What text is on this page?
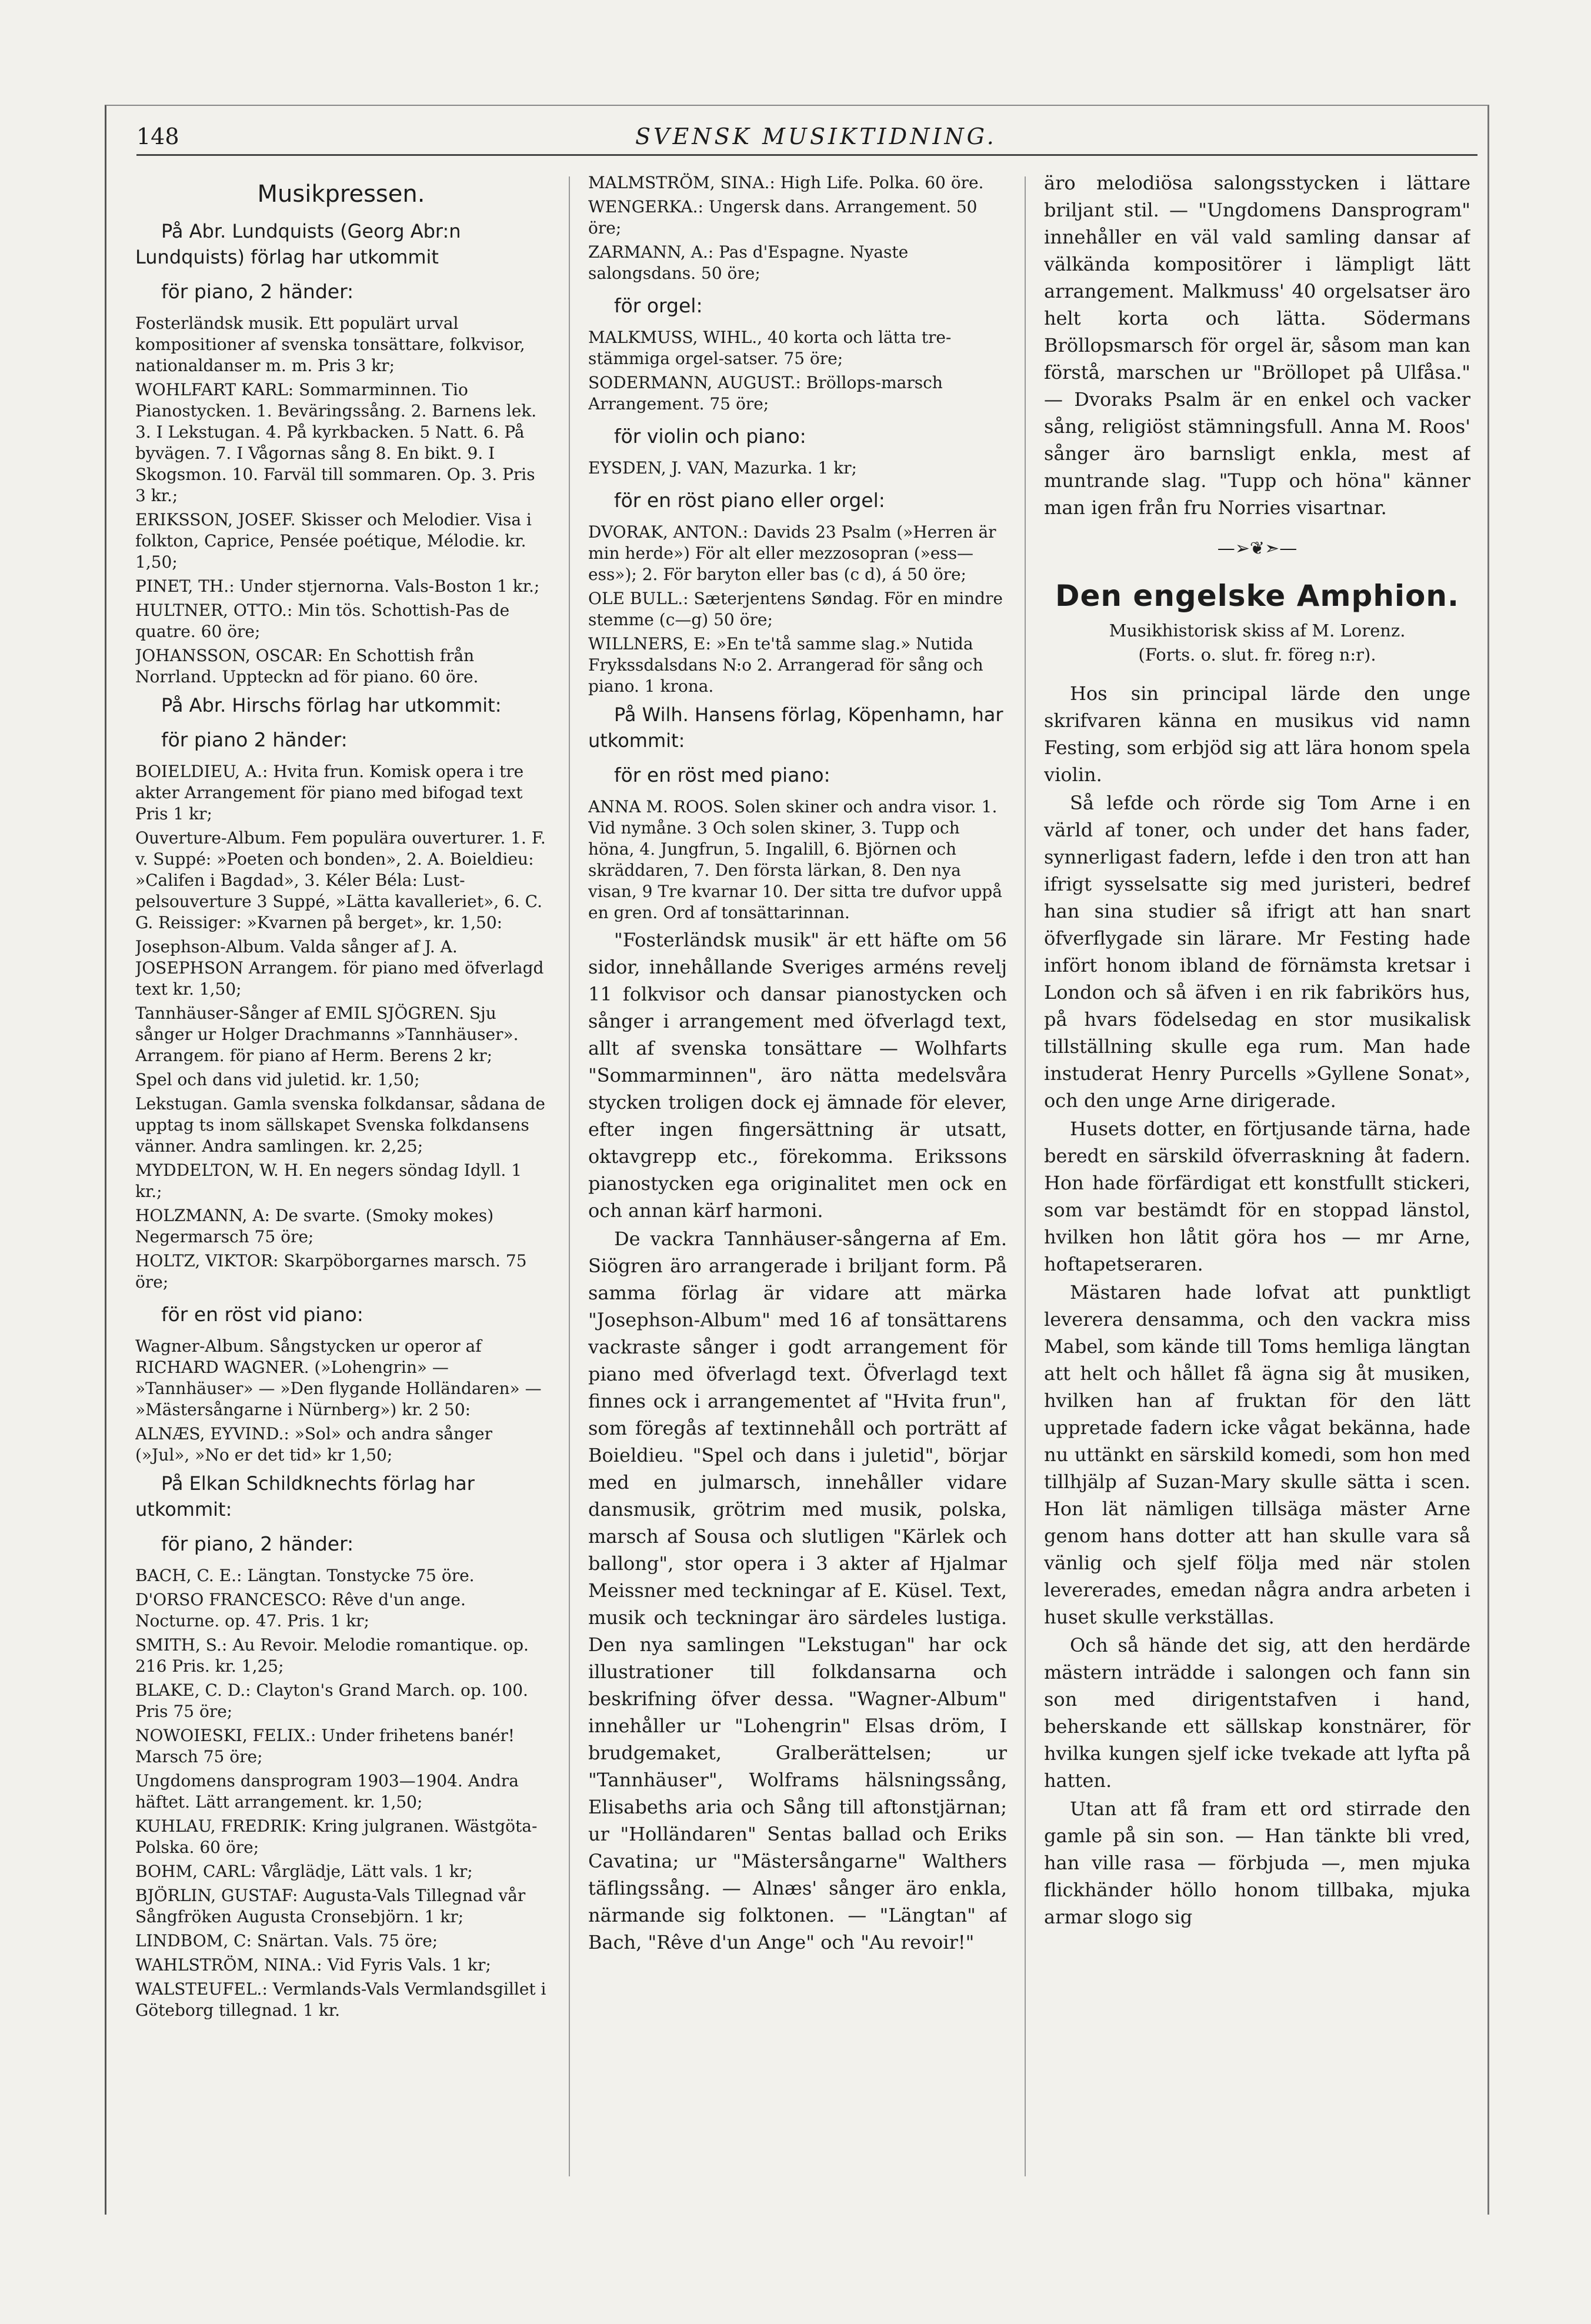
148	SVENSK MUSIKTIDNING.
Musikpressen.

På Abr. Lundquists (Georg Abr:n Lundquists) förlag har utkommit

för piano, 2 händer:

Fosterländsk musik. Ett populärt urval kompositioner af svenska tonsättare, folkvisor, nationaldanser m. m. Pris 3 kr;

WOHLFART KARL: Sommarminnen. Tio Pianostycken. 1. Beväringssång. 2. Barnens lek. 3. I Lekstugan. 4. På kyrkbacken. 5 Natt. 6. På byvägen. 7. I Vågornas sång 8. En bikt. 9. I Skogsmon. 10. Farväl till sommaren. Op. 3. Pris 3 kr.;

ERIKSSON, JOSEF. Skisser och Melodier. Visa i folkton, Caprice, Pensée poétique, Mélodie. kr. 1,50;

PINET, TH.: Under stjernorna. Vals-Boston 1 kr.;

HULTNER, OTTO.: Min tös. Schottish-Pas de quatre. 60 öre;

JOHANSSON, OSCAR: En Schottish från Norrland. Uppteckn ad för piano. 60 öre.

På Abr. Hirschs förlag har utkommit:

för piano 2 händer:

BOIELDIEU, A.: Hvita frun. Komisk opera i tre akter Arrangement för piano med bifogad text Pris 1 kr;

Ouverture-Album. Fem populära ouverturer. 1. F. v. Suppé: »Poeten och bonden», 2. A. Boieldieu: »Califen i Bagdad», 3. Kéler Béla: Lust-pelsouverture 3 Suppé, »Lätta kavalleriet», 6. C. G. Reissiger: »Kvarnen på berget», kr. 1,50:

Josephson-Album. Valda sånger af J. A. JOSEPHSON Arrangem. för piano med öfverlagd text kr. 1,50;

Tannhäuser-Sånger af EMIL SJÖGREN. Sju sånger ur Holger Drachmanns »Tannhäuser». Arrangem. för piano af Herm. Berens 2 kr;

Spel och dans vid juletid. kr. 1,50;

Lekstugan. Gamla svenska folkdansar, sådana de upptag ts inom sällskapet Svenska folkdansens vänner. Andra samlingen. kr. 2,25;

MYDDELTON, W. H. En negers söndag Idyll. 1 kr.;

HOLZMANN, A: De svarte. (Smoky mokes) Negermarsch 75 öre;

HOLTZ, VIKTOR: Skarpöborgarnes marsch. 75 öre;

för en röst vid piano:

Wagner-Album. Sångstycken ur operor af RICHARD WAGNER. (»Lohengrin» — »Tannhäuser» — »Den flygande Holländaren» — »Mästersångarne i Nürnberg») kr. 2 50:

ALNÆS, EYVIND.: »Sol» och andra sånger (»Jul», »No er det tid» kr 1,50;

På Elkan Schildknechts förlag har utkommit:

för piano, 2 händer:

BACH, C. E.: Längtan. Tonstycke 75 öre.

D'ORSO FRANCESCO: Rêve d'un ange. Nocturne. op. 47. Pris. 1 kr;

SMITH, S.: Au Revoir. Melodie romantique. op. 216 Pris. kr. 1,25;

BLAKE, C. D.: Clayton's Grand March. op. 100. Pris 75 öre;

NOWOIESKI, FELIX.: Under frihetens banér! Marsch 75 öre;

Ungdomens dansprogram 1903—1904. Andra häftet. Lätt arrangement. kr. 1,50;

KUHLAU, FREDRIK: Kring julgranen. Wästgöta-Polska. 60 öre;

BOHM, CARL: Vårglädje, Lätt vals. 1 kr;

BJÖRLIN, GUSTAF: Augusta-Vals Tillegnad vår Sångfröken Augusta Cronsebjörn. 1 kr;

LINDBOM, C: Snärtan. Vals. 75 öre;

WAHLSTRÖM, NINA.: Vid Fyris Vals. 1 kr;

WALSTEUFEL.: Vermlands-Vals Vermlandsgillet i Göteborg tillegnad. 1 kr.

MALMSTRÖM, SINA.: High Life. Polka. 60 öre.

WENGERKA.: Ungersk dans. Arrangement. 50 öre;

ZARMANN, A.: Pas d'Espagne. Nyaste salongsdans. 50 öre;

för orgel:

MALKMUSS, WIHL., 40 korta och lätta tre-stämmiga orgel-satser. 75 öre;

SODERMANN, AUGUST.: Bröllops-marsch Arrangement. 75 öre;

för violin och piano:

EYSDEN, J. VAN, Mazurka. 1 kr;

för en röst piano eller orgel:

DVORAK, ANTON.: Davids 23 Psalm (»Herren är min herde») För alt eller mezzosopran (»ess—ess»); 2. För baryton eller bas (c d), á 50 öre;

OLE BULL.: Sæterjentens Søndag. För en mindre stemme (c—g) 50 öre;

WILLNERS, E: »En te'tå samme slag.» Nutida Frykssdalsdans N:o 2. Arrangerad för sång och piano. 1 krona.

På Wilh. Hansens förlag, Köpenhamn, har utkommit:

för en röst med piano:

ANNA M. ROOS. Solen skiner och andra visor. 1. Vid nymåne. 3 Och solen skiner, 3. Tupp och höna, 4. Jungfrun, 5. Ingalill, 6. Björnen och skräddaren, 7. Den första lärkan, 8. Den nya visan, 9 Tre kvarnar 10. Der sitta tre dufvor uppå en gren. Ord af tonsättarinnan.

"Fosterländsk musik" är ett häfte om 56 sidor, innehållande Sveriges arméns revelj 11 folkvisor och dansar pianostycken och sånger i arrangement med öfverlagd text, allt af svenska tonsättare — Wolhfarts "Sommarminnen", äro nätta medelsvåra stycken troligen dock ej ämnade för elever, efter ingen fingersättning är utsatt, oktavgrepp etc., förekomma. Erikssons pianostycken ega originalitet men ock en och annan kärf harmoni.

De vackra Tannhäuser-sångerna af Em. Siögren äro arrangerade i briljant form. På samma förlag är vidare att märka "Josephson-Album" med 16 af tonsättarens vackraste sånger i godt arrangement för piano med öfverlagd text. Öfverlagd text finnes ock i arrangementet af "Hvita frun", som föregås af textinnehåll och porträtt af Boieldieu. "Spel och dans i juletid", börjar med en julmarsch, innehåller vidare dansmusik, grötrim med musik, polska, marsch af Sousa och slutligen "Kärlek och ballong", stor opera i 3 akter af Hjalmar Meissner med teckningar af E. Küsel. Text, musik och teckningar äro särdeles lustiga. Den nya samlingen "Lekstugan" har ock illustrationer till folkdansarna och beskrifning öfver dessa. "Wagner-Album" innehåller ur "Lohengrin" Elsas dröm, I brudgemaket, Gralberättelsen; ur "Tannhäuser", Wolframs hälsningssång, Elisabeths aria och Sång till aftonstjärnan; ur "Holländaren" Sentas ballad och Eriks Cavatina; ur "Mästersångarne" Walthers täflingssång. — Alnæs' sånger äro enkla, närmande sig folktonen. — "Längtan" af Bach, "Rêve d'un Ange" och "Au revoir!"

äro melodiösa salongsstycken i lättare briljant stil. — "Ungdomens Dansprogram" innehåller en väl vald samling dansar af välkända kompositörer i lämpligt lätt arrangement. Malkmuss' 40 orgelsatser äro helt korta och lätta. Södermans Bröllopsmarsch för orgel är, såsom man kan förstå, marschen ur "Bröllopet på Ulfåsa." — Dvoraks Psalm är en enkel och vacker sång, religiöst stämningsfull. Anna M. Roos' sånger äro barnsligt enkla, mest af muntrande slag. "Tupp och höna" känner man igen från fru Norries visartnar.

—➢❦➣—
Den engelske Amphion.

Musikhistorisk skiss af M. Lorenz.

(Forts. o. slut. fr. föreg n:r).

Hos sin principal lärde den unge skrifvaren känna en musikus vid namn Festing, som erbjöd sig att lära honom spela violin.

Så lefde och rörde sig Tom Arne i en värld af toner, och under det hans fader, synnerligast fadern, lefde i den tron att han ifrigt sysselsatte sig med juristeri, bedref han sina studier så ifrigt att han snart öfverflygade sin lärare. Mr Festing hade infört honom ibland de förnämsta kretsar i London och så äfven i en rik fabrikörs hus, på hvars födelsedag en stor musikalisk tillställning skulle ega rum. Man hade instuderat Henry Purcells »Gyllene Sonat», och den unge Arne dirigerade.

Husets dotter, en förtjusande tärna, hade beredt en särskild öfverraskning åt fadern. Hon hade förfärdigat ett konstfullt stickeri, som var bestämdt för en stoppad länstol, hvilken hon låtit göra hos — mr Arne, hoftapetseraren.

Mästaren hade lofvat att punktligt leverera densamma, och den vackra miss Mabel, som kände till Toms hemliga längtan att helt och hållet få ägna sig åt musiken, hvilken han af fruktan för den lätt uppretade fadern icke vågat bekänna, hade nu uttänkt en särskild komedi, som hon med tillhjälp af Suzan-Mary skulle sätta i scen. Hon lät nämligen tillsäga mäster Arne genom hans dotter att han skulle vara så vänlig och sjelf följa med när stolen levererades, emedan några andra arbeten i huset skulle verkställas.

Och så hände det sig, att den herdärde mästern inträdde i salongen och fann sin son med dirigentstafven i hand, beherskande ett sällskap konstnärer, för hvilka kungen sjelf icke tvekade att lyfta på hatten.

Utan att få fram ett ord stirrade den gamle på sin son. — Han tänkte bli vred, han ville rasa — förbjuda —, men mjuka flickhänder höllo honom tillbaka, mjuka armar slogo sig
